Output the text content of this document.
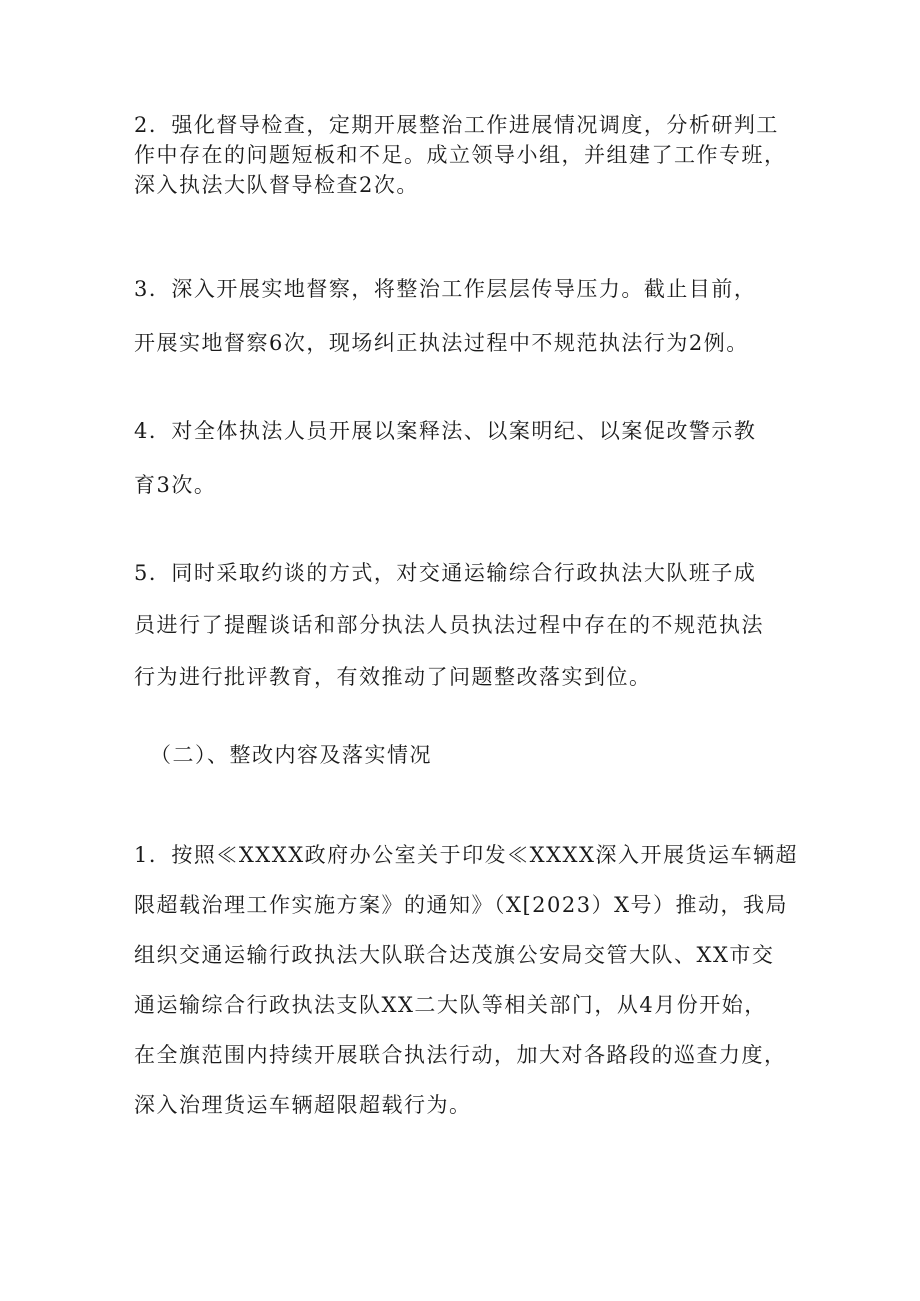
2．强化督导检查，定期开展整治工作进展情况调度，分析研判工
作中存在的问题短板和不足。成立领导小组，并组建了工作专班，
深入执法大队督导检查2次。

3．深入开展实地督察，将整治工作层层传导压力。截止目前，
开展实地督察6次，现场纠正执法过程中不规范执法行为2例。

4．对全体执法人员开展以案释法、以案明纪、以案促改警示教
育3次。

5．同时采取约谈的方式，对交通运输综合行政执法大队班子成
员进行了提醒谈话和部分执法人员执法过程中存在的不规范执法
行为进行批评教育，有效推动了问题整改落实到位。

（二）、整改内容及落实情况

1．按照≪XXXX政府办公室关于印发≪XXXX深入开展货运车辆超
限超载治理工作实施方案》的通知》（X[2023）X号）推动，我局
组织交通运输行政执法大队联合达茂旗公安局交管大队、XX市交
通运输综合行政执法支队XX二大队等相关部门，从4月份开始，
在全旗范围内持续开展联合执法行动，加大对各路段的巡查力度，
深入治理货运车辆超限超载行为。
